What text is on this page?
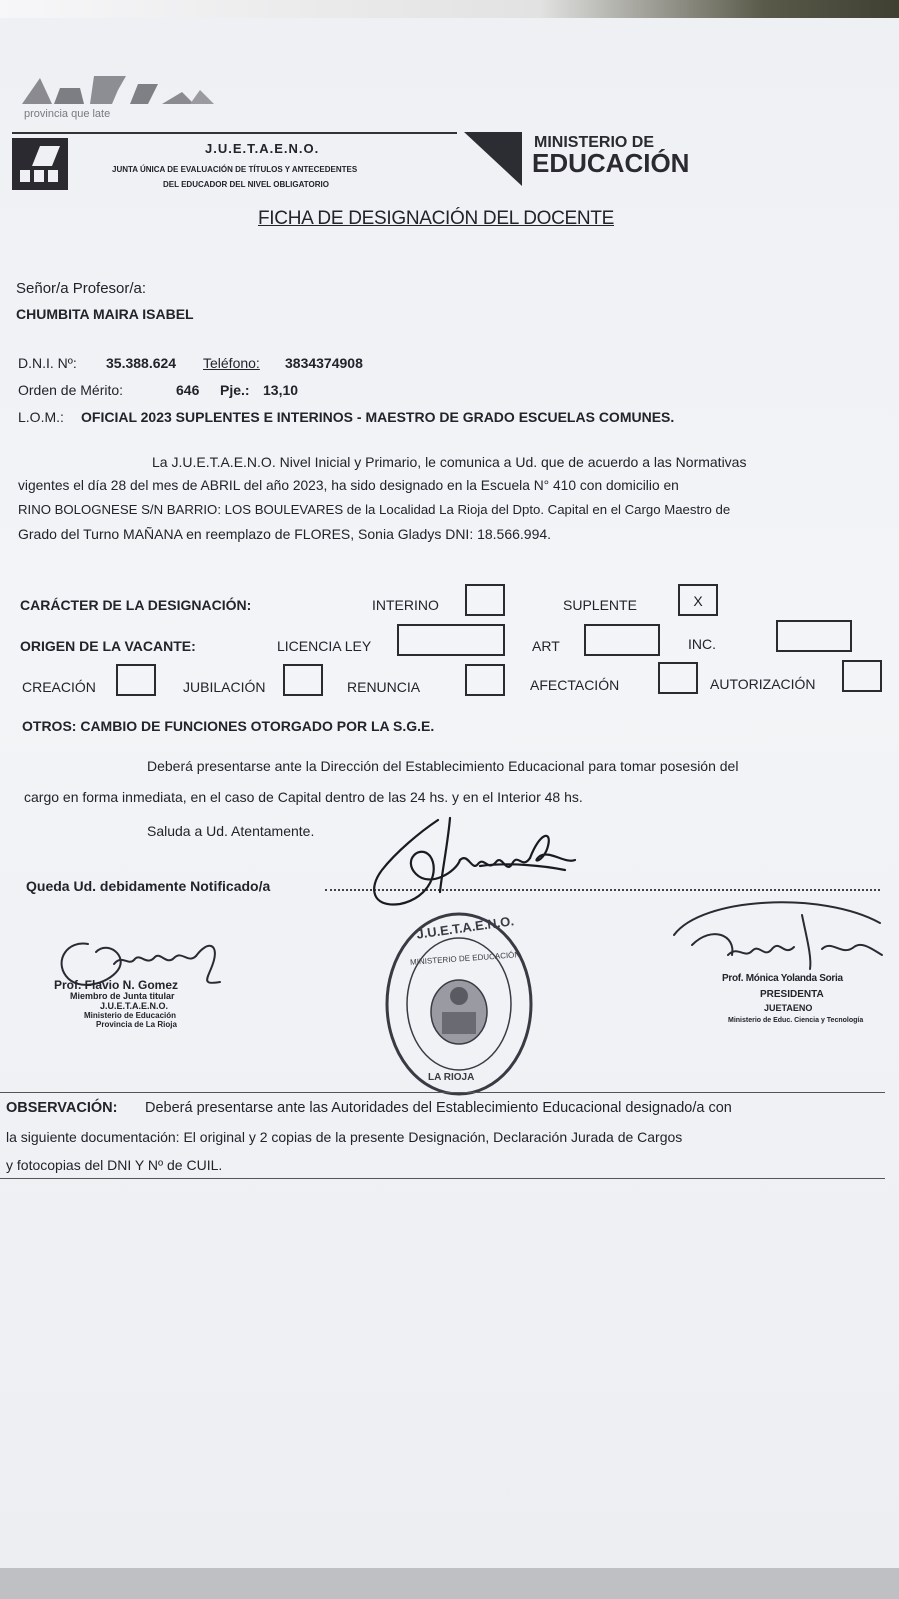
provincia que late
J.U.E.T.A.E.N.O.
JUNTA ÚNICA DE EVALUACIÓN DE TÍTULOS Y ANTECEDENTES
DEL EDUCADOR DEL NIVEL OBLIGATORIO
MINISTERIO DE
EDUCACIÓN
FICHA DE DESIGNACIÓN DEL DOCENTE
Señor/a Profesor/a:
CHUMBITA MAIRA ISABEL
D.N.I. Nº: 35.388.624 Teléfono: 3834374908
Orden de Mérito:	646 Pje.: 13,10
L.O.M.: OFICIAL 2023 SUPLENTES E INTERINOS - MAESTRO DE GRADO ESCUELAS COMUNES.
La J.U.E.T.A.E.N.O. Nivel Inicial y Primario, le comunica a Ud. que de acuerdo a las Normativas
vigentes el día 28 del mes de ABRIL del año 2023, ha sido designado en la Escuela N° 410 con domicilio en
RINO BOLOGNESE S/N BARRIO: LOS BOULEVARES de la Localidad La Rioja del Dpto. Capital en el Cargo Maestro de
Grado del Turno MAÑANA en reemplazo de FLORES, Sonia Gladys DNI: 18.566.994.
CARÁCTER DE LA DESIGNACIÓN:	INTERINO	SUPLENTE	X
ORIGEN DE LA VACANTE:	LICENCIA LEY	ART	INC.
CREACIÓN	JUBILACIÓN	RENUNCIA	AFECTACIÓN	AUTORIZACIÓN
OTROS: CAMBIO DE FUNCIONES OTORGADO POR LA S.G.E.
Deberá presentarse ante la Dirección del Establecimiento Educacional para tomar posesión del
cargo en forma inmediata, en el caso de Capital dentro de las 24 hs. y en el Interior 48 hs.
Saluda a Ud. Atentamente.
Queda Ud. debidamente Notificado/a
Prof. Flavio N. Gomez
Miembro de Junta titular
J.U.E.T.A.E.N.O.
Ministerio de Educación
Provincia de La Rioja
J.U.E.T.A.E.N.O.
MINISTERIO DE EDUCACIÓN
LA RIOJA
Prof. Mónica Yolanda Soria
PRESIDENTA
JUETAENO
Ministerio de Educ. Ciencia y Tecnología
OBSERVACIÓN: Deberá presentarse ante las Autoridades del Establecimiento Educacional designado/a con
la siguiente documentación: El original y 2 copias de la presente Designación, Declaración Jurada de Cargos
y fotocopias del DNI Y Nº de CUIL.
